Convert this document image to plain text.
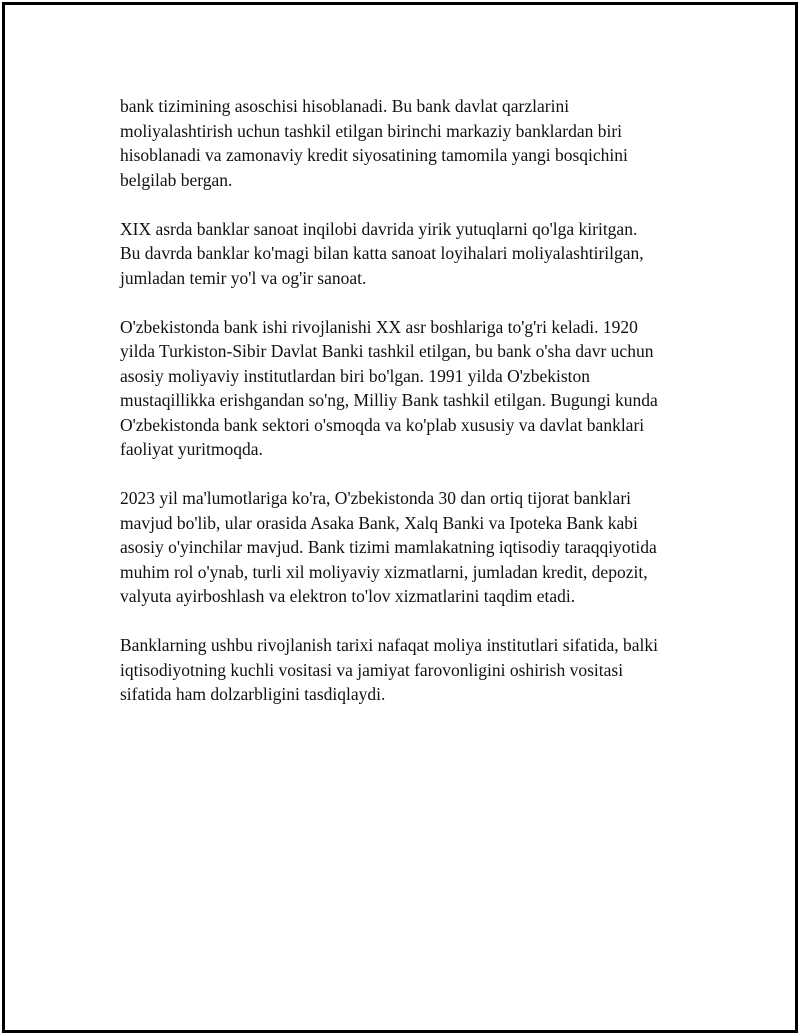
bank tizimining asoschisi hisoblanadi. Bu bank davlat qarzlarini
moliyalashtirish uchun tashkil etilgan birinchi markaziy banklardan biri
hisoblanadi va zamonaviy kredit siyosatining tamomila yangi bosqichini
belgilab bergan.

XIX asrda banklar sanoat inqilobi davrida yirik yutuqlarni qo'lga kiritgan.
Bu davrda banklar ko'magi bilan katta sanoat loyihalari moliyalashtirilgan,
jumladan temir yo'l va og'ir sanoat.

O'zbekistonda bank ishi rivojlanishi XX asr boshlariga to'g'ri keladi. 1920
yilda Turkiston-Sibir Davlat Banki tashkil etilgan, bu bank o'sha davr uchun
asosiy moliyaviy institutlardan biri bo'lgan. 1991 yilda O'zbekiston
mustaqillikka erishgandan so'ng, Milliy Bank tashkil etilgan. Bugungi kunda
O'zbekistonda bank sektori o'smoqda va ko'plab xususiy va davlat banklari
faoliyat yuritmoqda.

2023 yil ma'lumotlariga ko'ra, O'zbekistonda 30 dan ortiq tijorat banklari
mavjud bo'lib, ular orasida Asaka Bank, Xalq Banki va Ipoteka Bank kabi
asosiy o'yinchilar mavjud. Bank tizimi mamlakatning iqtisodiy taraqqiyotida
muhim rol o'ynab, turli xil moliyaviy xizmatlarni, jumladan kredit, depozit,
valyuta ayirboshlash va elektron to'lov xizmatlarini taqdim etadi.

Banklarning ushbu rivojlanish tarixi nafaqat moliya institutlari sifatida, balki
iqtisodiyotning kuchli vositasi va jamiyat farovonligini oshirish vositasi
sifatida ham dolzarbligini tasdiqlaydi.
